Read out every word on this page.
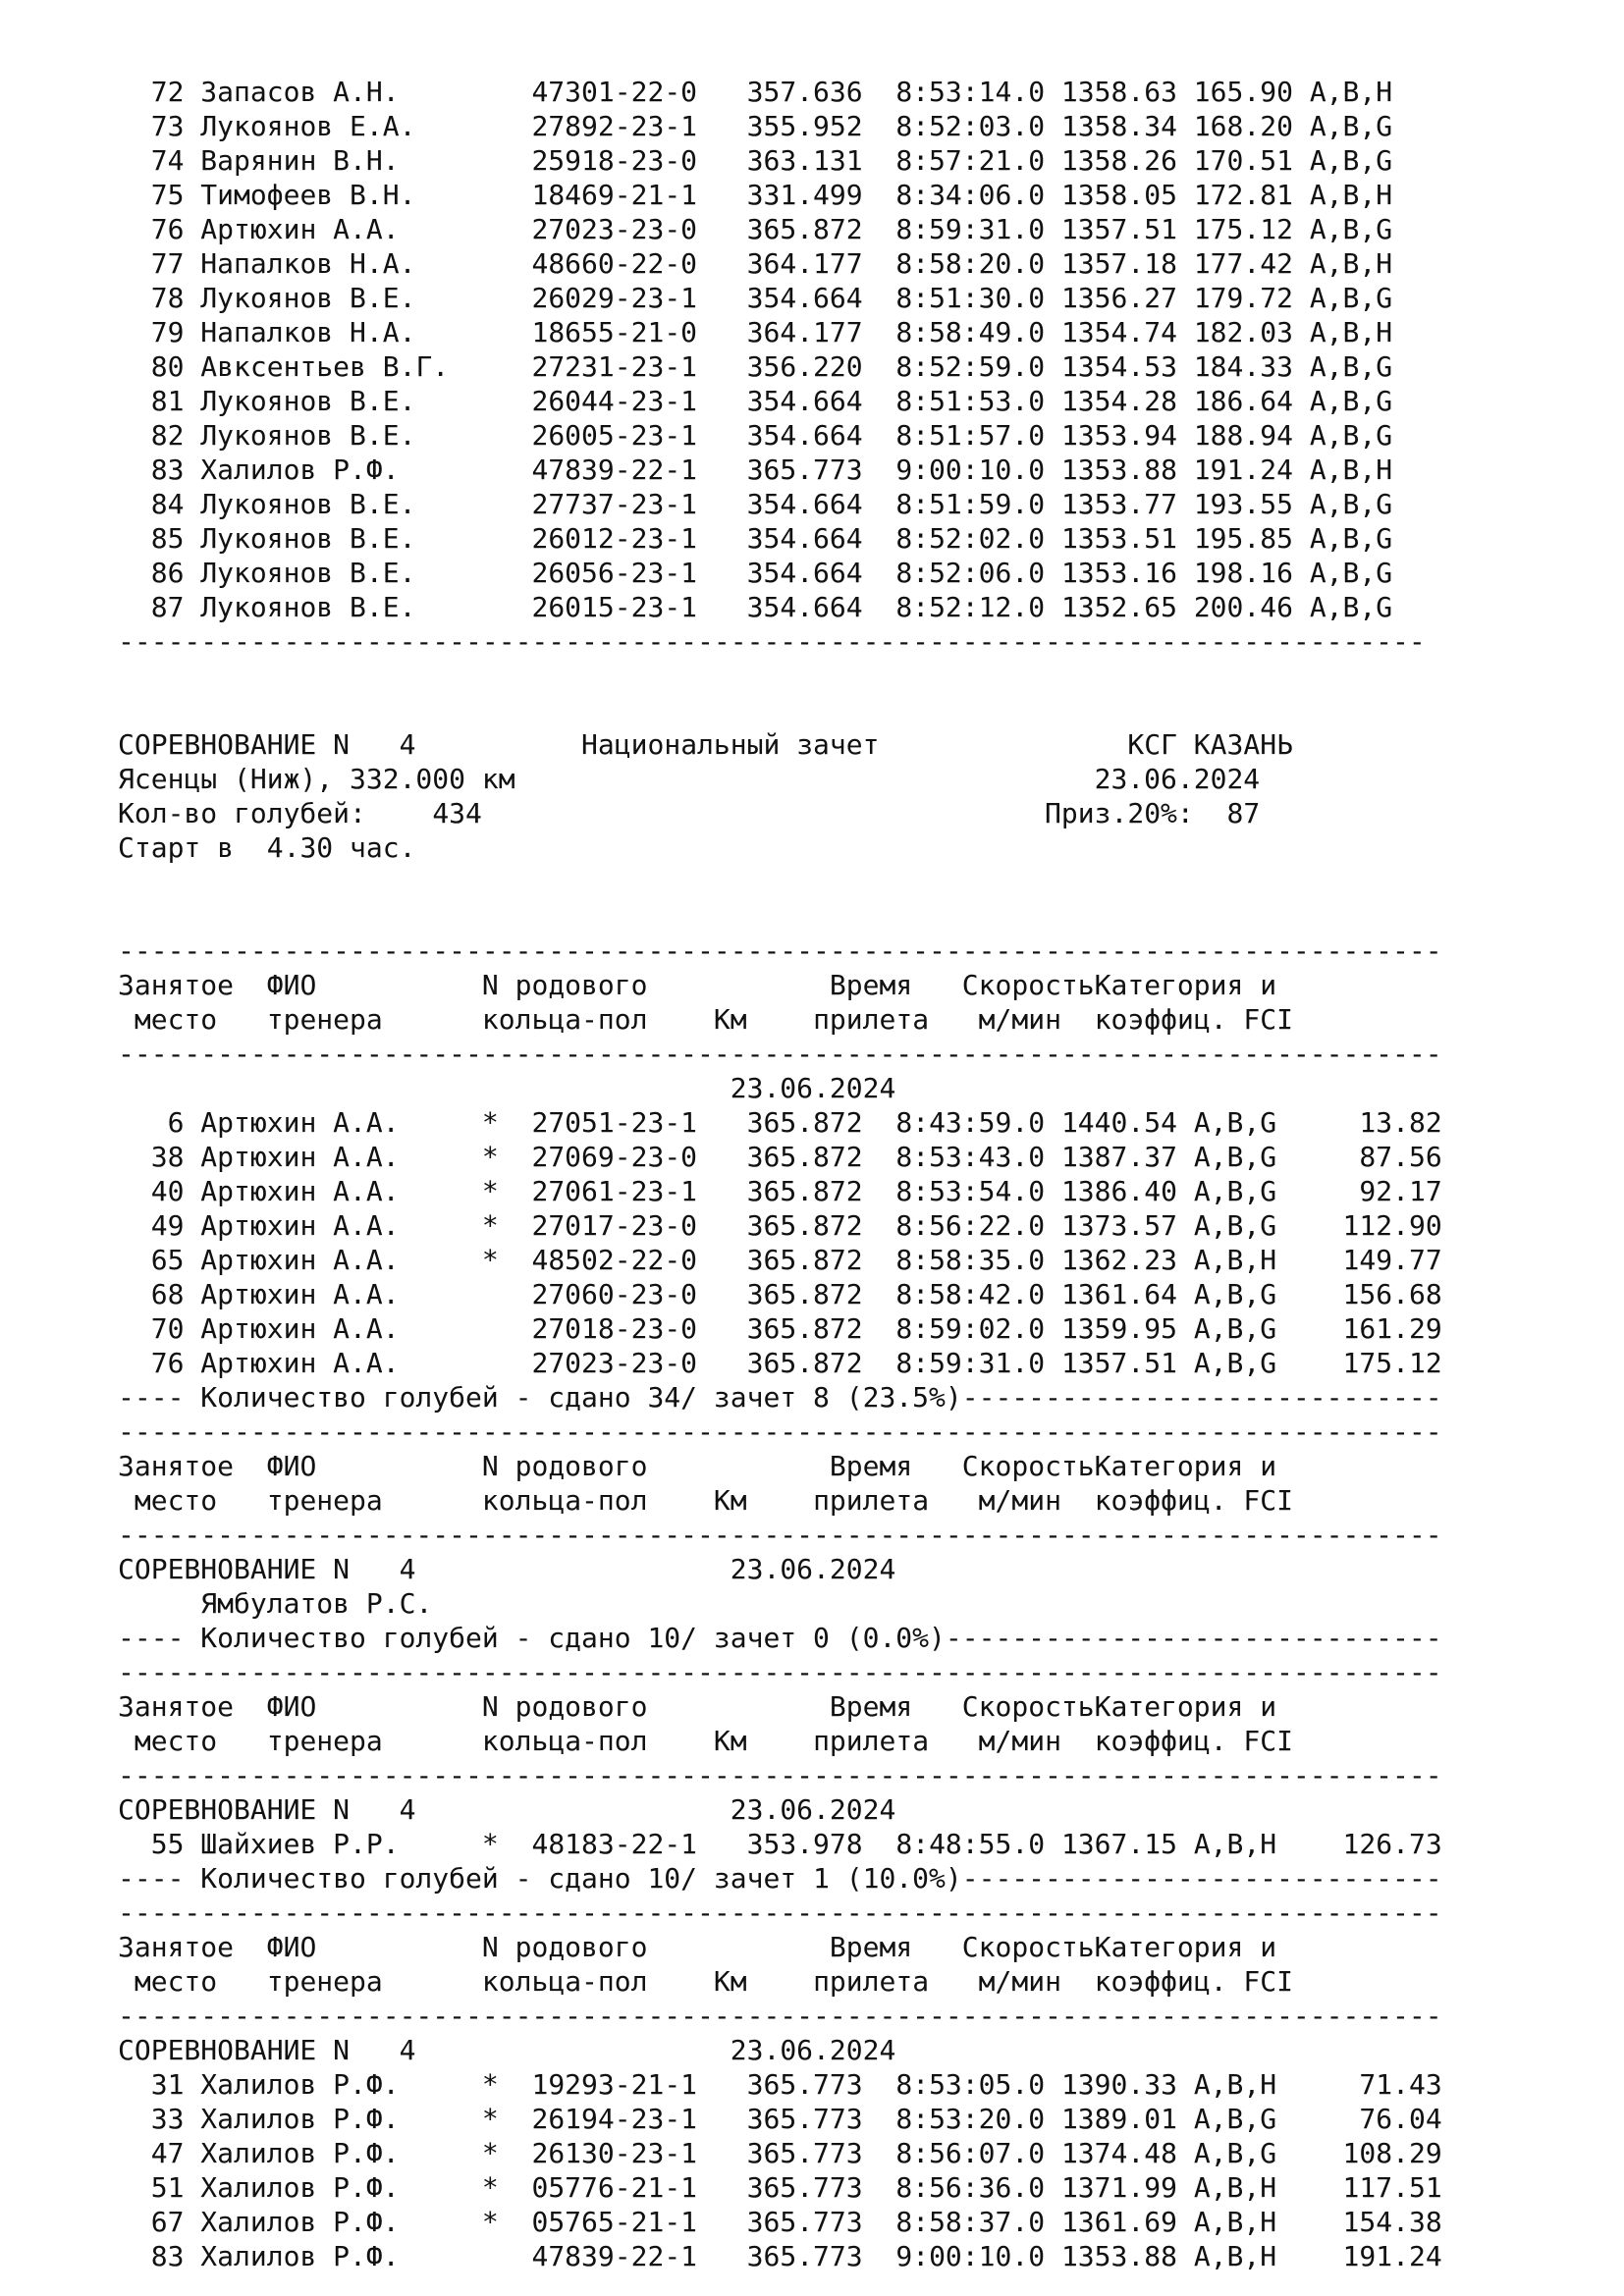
72 Запасов А.Н.	47301-22-0 357.636 8:53:14.0 1358.63 165.90 A,B,H
73 Лукоянов Е.А.	27892-23-1 355.952 8:52:03.0 1358.34 168.20 A,B,G
74 Варянин В.Н.	25918-23-0 363.131 8:57:21.0 1358.26 170.51 A,B,G
75 Тимофеев В.Н.	18469-21-1 331.499 8:34:06.0 1358.05 172.81 A,B,H
76 Артюхин А.А.	27023-23-0 365.872 8:59:31.0 1357.51 175.12 A,B,G
77 Напалков Н.А.	48660-22-0 364.177 8:58:20.0 1357.18 177.42 A,B,H
78 Лукоянов В.Е.	26029-23-1 354.664 8:51:30.0 1356.27 179.72 A,B,G
79 Напалков Н.А.	18655-21-0 364.177 8:58:49.0 1354.74 182.03 A,B,H
80 Авксентьев В.Г.	27231-23-1 356.220 8:52:59.0 1354.53 184.33 A,B,G
81 Лукоянов В.Е.	26044-23-1 354.664 8:51:53.0 1354.28 186.64 A,B,G
82 Лукоянов В.Е.	26005-23-1 354.664 8:51:57.0 1353.94 188.94 A,B,G
83 Халилов Р.Ф.	47839-22-1 365.773 9:00:10.0 1353.88 191.24 A,B,H
84 Лукоянов В.Е.	27737-23-1 354.664 8:51:59.0 1353.77 193.55 A,B,G
85 Лукоянов В.Е.	26012-23-1 354.664 8:52:02.0 1353.51 195.85 A,B,G
86 Лукоянов В.Е.	26056-23-1 354.664 8:52:06.0 1353.16 198.16 A,B,G
87 Лукоянов В.Е.	26015-23-1 354.664 8:52:12.0 1352.65 200.46 A,B,G
-------------------------------------------------------------------------------
СОРЕВНОВАНИЕ N 4	Национальный зачет	КСГ КАЗАНЬ
Ясенцы (Ниж), 332.000 км	23.06.2024
Кол-во голубей: 434	Приз.20%: 87
Старт в 4.30 час.
--------------------------------------------------------------------------------
Занятое ФИО	N родового	Время СкоростьКатегория и
место тренера	кольца-пол Км прилета м/мин коэффиц. FCI
--------------------------------------------------------------------------------
23.06.2024
6 Артюхин А.А.	* 27051-23-1 365.872 8:43:59.0 1440.54 A,B,G	13.82
38 Артюхин А.А.	* 27069-23-0 365.872 8:53:43.0 1387.37 A,B,G	87.56
40 Артюхин А.А.	* 27061-23-1 365.872 8:53:54.0 1386.40 A,B,G	92.17
49 Артюхин А.А.	* 27017-23-0 365.872 8:56:22.0 1373.57 A,B,G 112.90
65 Артюхин А.А.	* 48502-22-0 365.872 8:58:35.0 1362.23 A,B,H 149.77
68 Артюхин А.А.	27060-23-0 365.872 8:58:42.0 1361.64 A,B,G 156.68
70 Артюхин А.А.	27018-23-0 365.872 8:59:02.0 1359.95 A,B,G 161.29
76 Артюхин А.А.	27023-23-0 365.872 8:59:31.0 1357.51 A,B,G 175.12
---- Количество голубей - сдано 34/ зачет 8 (23.5%)-----------------------------
--------------------------------------------------------------------------------
Занятое ФИО	N родового	Время СкоростьКатегория и
место тренера	кольца-пол Км прилета м/мин коэффиц. FCI
--------------------------------------------------------------------------------
СОРЕВНОВАНИЕ N 4	23.06.2024
Ямбулатов Р.С.
---- Количество голубей - сдано 10/ зачет 0 (0.0%)------------------------------
--------------------------------------------------------------------------------
Занятое ФИО	N родового	Время СкоростьКатегория и
место тренера	кольца-пол Км прилета м/мин коэффиц. FCI
--------------------------------------------------------------------------------
СОРЕВНОВАНИЕ N 4	23.06.2024
55 Шайхиев Р.Р.	* 48183-22-1 353.978 8:48:55.0 1367.15 A,B,H 126.73
---- Количество голубей - сдано 10/ зачет 1 (10.0%)-----------------------------
--------------------------------------------------------------------------------
Занятое ФИО	N родового	Время СкоростьКатегория и
место тренера	кольца-пол Км прилета м/мин коэффиц. FCI
--------------------------------------------------------------------------------
СОРЕВНОВАНИЕ N 4	23.06.2024
31 Халилов Р.Ф.	* 19293-21-1 365.773 8:53:05.0 1390.33 A,B,H	71.43
33 Халилов Р.Ф.	* 26194-23-1 365.773 8:53:20.0 1389.01 A,B,G	76.04
47 Халилов Р.Ф.	* 26130-23-1 365.773 8:56:07.0 1374.48 A,B,G 108.29
51 Халилов Р.Ф.	* 05776-21-1 365.773 8:56:36.0 1371.99 A,B,H 117.51
67 Халилов Р.Ф.	* 05765-21-1 365.773 8:58:37.0 1361.69 A,B,H 154.38
83 Халилов Р.Ф.	47839-22-1 365.773 9:00:10.0 1353.88 A,B,H 191.24
